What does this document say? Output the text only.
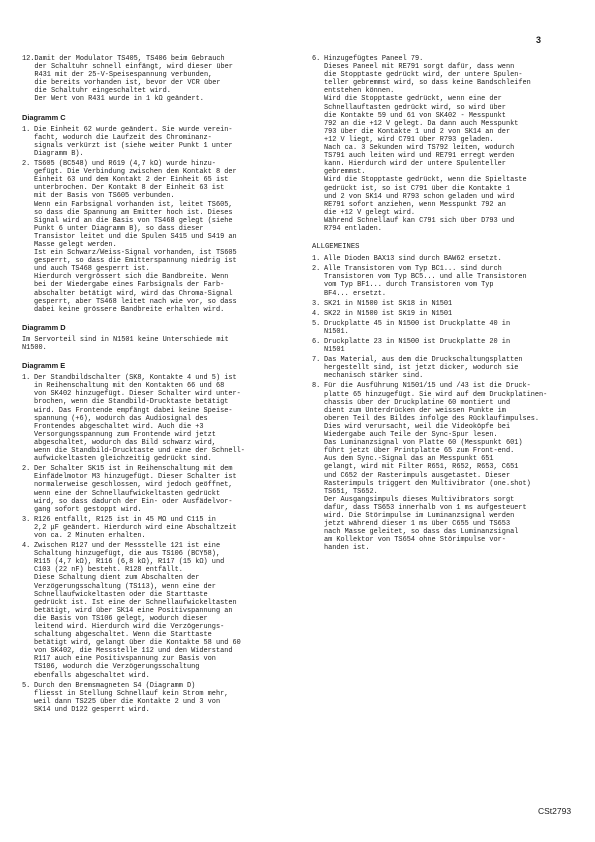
3
12. Damit der Modulator TS405, TS406 beim Gebrauch
der Schaltuhr schnell einfängt, wird dieser über
R431 mit der 25-V-Speisespannung verbunden,
die bereits vorhanden ist, bevor der VCR über
die Schaltuhr eingeschaltet wird.
Der Wert von R431 wurde in 1 kΩ geändert.
Diagramm C
1. Die Einheit 62 wurde geändert. Sie wurde verein-
facht, wodurch die Laufzeit des Chrominanz-
signals verkürzt ist (siehe weiter Punkt 1 unter
Diagramm B).
2. TS605 (BC548) und R619 (4,7 kΩ) wurde hinzu-
gefügt. Die Verbindung zwischen dem Kontakt 8 der
Einheit 63 und dem Kontakt 2 der Einheit 65 ist
unterbrochen. Der Kontakt 8 der Einheit 63 ist
mit der Basis von TS605 verbunden.
Wenn ein Farbsignal vorhanden ist, leitet TS605,
so dass die Spannung am Emitter hoch ist. Dieses
Signal wird an die Basis von TS468 gelegt (siehe
Punkt 6 unter Diagramm B), so dass dieser
Transistor leitet und die Spulen S415 und S419 an
Masse gelegt werden.
Ist ein Schwarz/Weiss-Signal vorhanden, ist TS605
gesperrt, so dass die Emitterspannung niedrig ist
und auch TS468 gesperrt ist.
Hierdurch vergrössert sich die Bandbreite. Wenn
bei der Wiedergabe eines Farbsignals der Farb-
abschalter betätigt wird, wird das Chroma-Signal
gesperrt, aber TS468 leitet nach wie vor, so dass
dabei keine grössere Bandbreite erhalten wird.
Diagramm D
Im Servorteil sind in N1501 keine Unterschiede mit
N1500.
Diagramm E
1. Der Standbildschalter (SK8, Kontakte 4 und 5) ist
in Reihenschaltung mit den Kontakten 66 und 68
von SK402 hinzugefügt. Dieser Schalter wird unter-
brochen, wenn die Standbild-Drucktaste betätigt
wird. Das Frontende empfängt dabei keine Speise-
spannung (+6), wodurch das Audiosignal des
Frontendes abgeschaltet wird. Auch die +3
Versorgungsspannung zum Frontende wird jetzt
abgeschaltet, wodurch das Bild schwarz wird,
wenn die Standbild-Drucktaste und eine der Schnell-
aufwickeltasten gleichzeitig gedrückt sind.
2. Der Schalter SK15 ist in Reihenschaltung mit dem
Einfädelmotor M3 hinzugefügt. Dieser Schalter ist
normalerweise geschlossen, wird jedoch geöffnet,
wenn eine der Schnellaufwickeltasten gedrückt
wird, so dass dadurch der Ein- oder Ausfädelvor-
gang sofort gestoppt wird.
3. R126 entfällt, R125 ist in 45 MΩ und C115 in
2,2 μF geändert. Hierdurch wird eine Abschaltzeit
von ca. 2 Minuten erhalten.
4. Zwischen R127 und der Messstelle 121 ist eine
Schaltung hinzugefügt, die aus TS106 (BCY58),
R115 (4,7 kΩ), R116 (6,8 kΩ), R117 (15 kΩ) und
C103 (22 nF) besteht. R128 entfällt.
Diese Schaltung dient zum Abschalten der
Verzögerungsschaltung (TS113), wenn eine der
Schnellaufwickeltasten oder die Starttaste
gedrückt ist. Ist eine der Schnellaufwickeltasten
betätigt, wird über SK14 eine Positivspannung an
die Basis von TS106 gelegt, wodurch dieser
leitend wird. Hierdurch wird die Verzögerungs-
schaltung abgeschaltet. Wenn die Starttaste
betätigt wird, gelangt über die Kontakte 58 und 60
von SK402, die Messstelle 112 und den Widerstand
R117 auch eine Positivspannung zur Basis von
TS106, wodurch die Verzögerungsschaltung
ebenfalls abgeschaltet wird.
5. Durch den Bremsmagneten S4 (Diagramm D)
fliesst in Stellung Schnellauf kein Strom mehr,
weil dann TS225 über die Kontakte 2 und 3 von
SK14 und D122 gesperrt wird.
6. Hinzugefügtes Paneel 79.
Dieses Paneel mit RE791 sorgt dafür, dass wenn
die Stopptaste gedrückt wird, der untere Spulen-
teller gebremmst wird, so dass keine Bandschleifen
entstehen können.
Wird die Stopptaste gedrückt, wenn eine der
Schnellauftasten gedrückt wird, so wird über
die Kontakte 59 und 61 von SK402 - Messpunkt
792 an die +12 V gelegt. Da dann auch Messpunkt
793 über die Kontakte 1 und 2 von SK14 an der
+12 V liegt, wird C791 über R793 geladen.
Nach ca. 3 Sekunden wird TS792 leiten, wodurch
TS791 auch leiten wird und RE791 erregt werden
kann. Hierdurch wird der untere Spulenteller
gebremmst.
Wird die Stopptaste gedrückt, wenn die Spieltaste
gedrückt ist, so ist C791 über die Kontakte 1
und 2 von SK14 und R793 schon geladen und wird
RE791 sofort anziehen, wenn Messpunkt 792 an
die +12 V gelegt wird.
Während Schnellauf kan C791 sich über D793 und
R794 entladen.
ALLGEMEINES
1. Alle Dioden BAX13 sind durch BAW62 ersetzt.
2. Alle Transistoren vom Typ BC1... sind durch
Transistoren vom Typ BC5... und alle Transistoren
vom Typ BF1... durch Transistoren vom Typ
BF4... ersetzt.
3. SK21 in N1500 ist SK18 in N1501
4. SK22 in N1500 ist SK19 in N1501
5. Druckplatte 45 in N1500 ist Druckplatte 40 in
N1501.
6. Druckplatte 23 in N1500 ist Druckplatte 20 in
N1501
7. Das Material, aus dem die Druckschaltungsplatten
hergestellt sind, ist jetzt dicker, wodurch sie
mechanisch stärker sind.
8. Für die Ausführung N1501/15 und /43 ist die Druck-
platte 65 hinzugefügt. Sie wird auf dem Druckplatinen-
chassis über der Druckplatine 60 montiert und
dient zum Unterdrücken der weissen Punkte im
oberen Teil des Bildes infolge des Rücklaufimpulses.
Dies wird verursacht, weil die Videoköpfe bei
Wiedergabe auch Teile der Sync-Spur lesen.
Das Luminanzsignal von Platte 60 (Messpunkt 601)
führt jetzt über Printplatte 65 zum Front-end.
Aus dem Sync.-Signal das an Messpunkt 651
gelangt, wird mit Filter R651, R652, R653, C651
und C652 der Rasterimpuls ausgetastet. Dieser
Rasterimpuls triggert den Multivibrator (one.shot)
TS651, TS652.
Der Ausgangsimpuls dieses Multivibrators sorgt
dafür, dass TS653 innerhalb von 1 ms aufgesteuert
wird. Die Störimpulse im Luminanzsignal werden
jetzt während dieser 1 ms über C655 und TS653
nach Masse geleitet, so dass das Luminanzsignal
am Kollektor von TS654 ohne Störimpulse vor-
handen ist.
CSt2793
